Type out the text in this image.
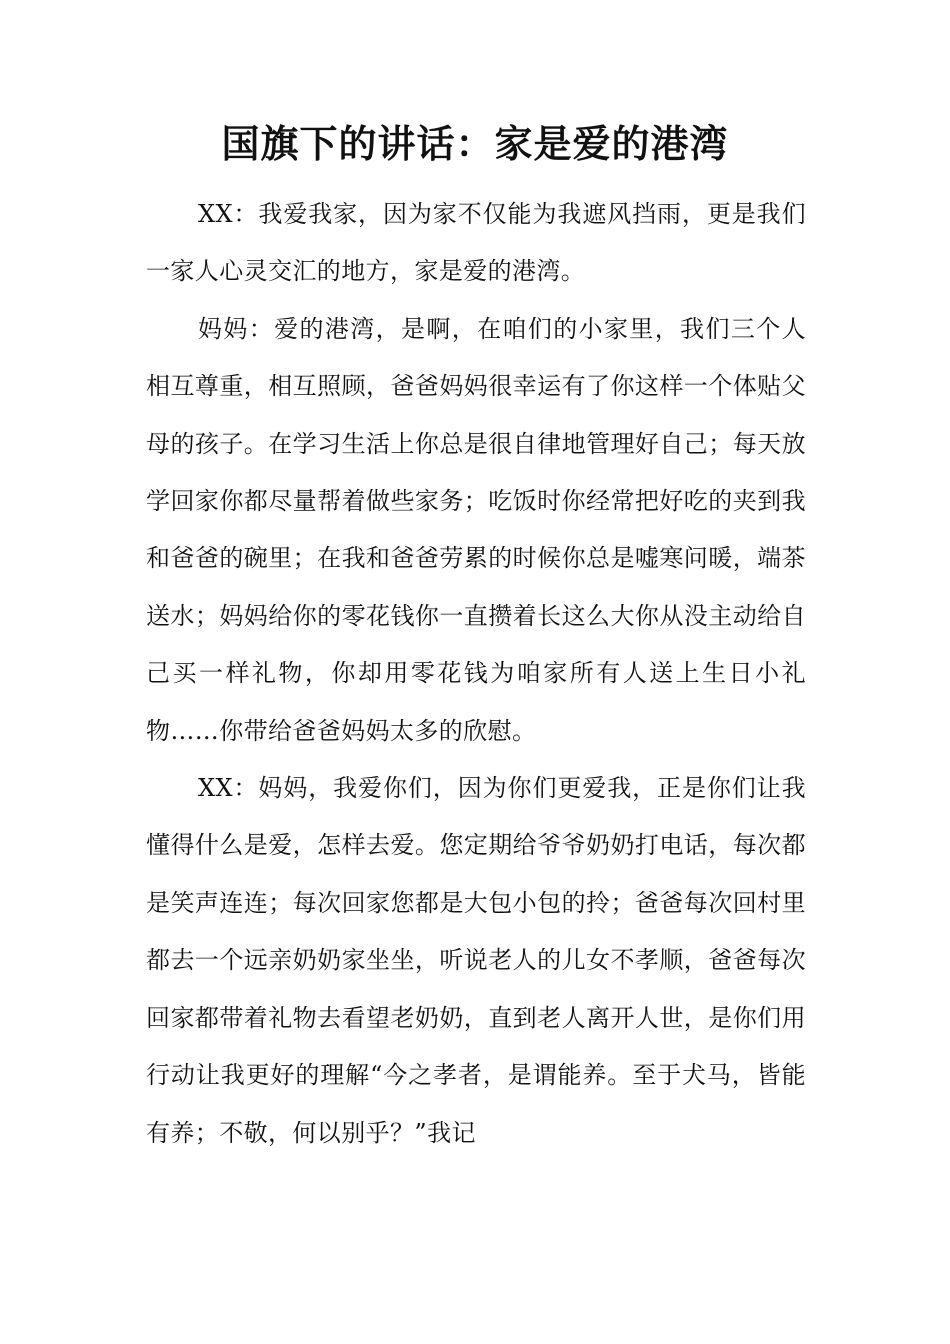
国旗下的讲话：家是爱的港湾

XX：我爱我家，因为家不仅能为我遮风挡雨，更是我们一家人心灵交汇的地方，家是爱的港湾。

妈妈：爱的港湾，是啊，在咱们的小家里，我们三个人相互尊重，相互照顾，爸爸妈妈很幸运有了你这样一个体贴父母的孩子。在学习生活上你总是很自律地管理好自己；每天放学回家你都尽量帮着做些家务；吃饭时你经常把好吃的夹到我和爸爸的碗里；在我和爸爸劳累的时候你总是嘘寒问暖，端茶送水；妈妈给你的零花钱你一直攒着长这么大你从没主动给自己买一样礼物，你却用零花钱为咱家所有人送上生日小礼物……你带给爸爸妈妈太多的欣慰。

XX：妈妈，我爱你们，因为你们更爱我，正是你们让我懂得什么是爱，怎样去爱。您定期给爷爷奶奶打电话，每次都是笑声连连；每次回家您都是大包小包的拎；爸爸每次回村里都去一个远亲奶奶家坐坐，听说老人的儿女不孝顺，爸爸每次回家都带着礼物去看望老奶奶，直到老人离开人世，是你们用行动让我更好的理解“今之孝者，是谓能养。至于犬马，皆能有养；不敬，何以别乎？”我记
